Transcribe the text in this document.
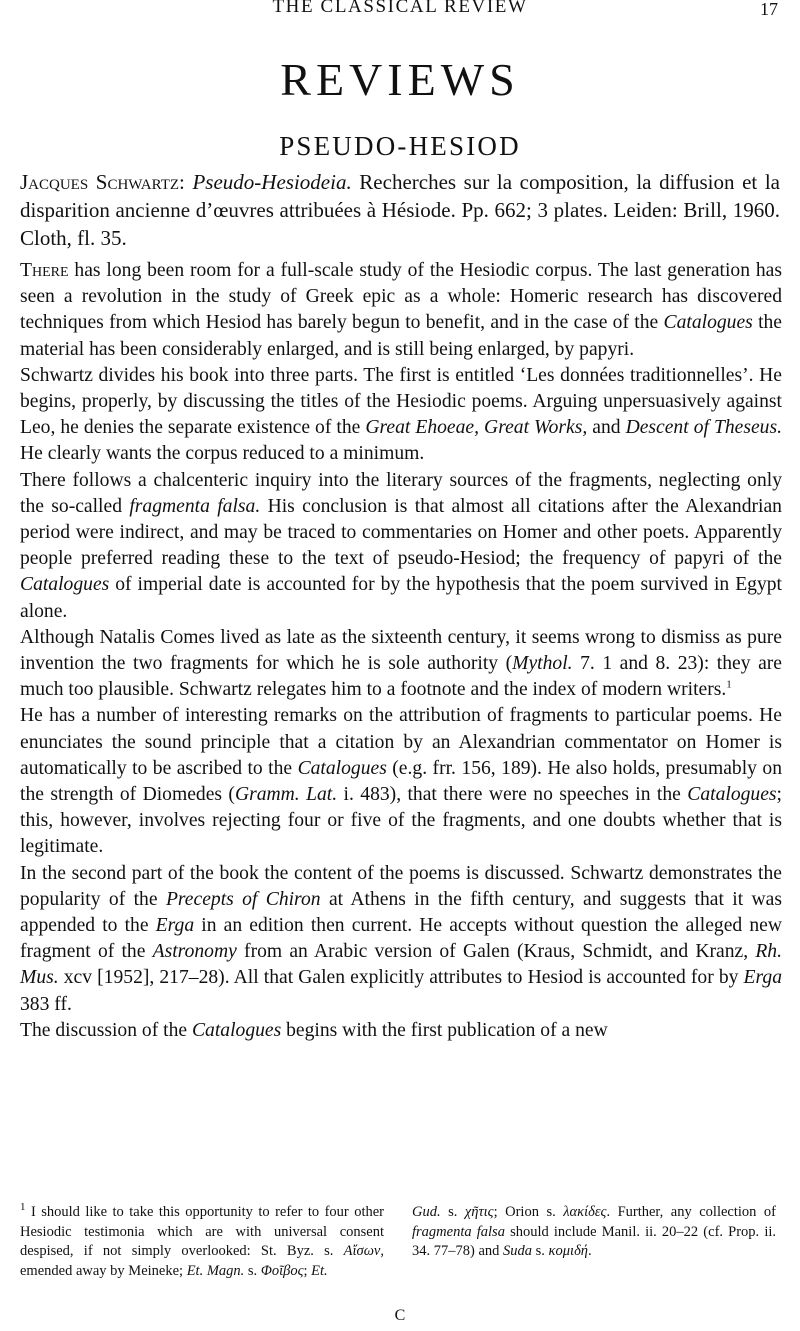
THE CLASSICAL REVIEW	17
REVIEWS
PSEUDO-HESIOD

Jacques Schwartz: Pseudo-Hesiodeia. Recherches sur la composition, la diffusion et la disparition ancienne d’œuvres attribuées à Hésiode. Pp. 662; 3 plates. Leiden: Brill, 1960. Cloth, fl. 35.

There has long been room for a full-scale study of the Hesiodic corpus. The last generation has seen a revolution in the study of Greek epic as a whole: Homeric research has discovered techniques from which Hesiod has barely begun to benefit, and in the case of the Catalogues the material has been considerably enlarged, and is still being enlarged, by papyri.

Schwartz divides his book into three parts. The first is entitled ‘Les données traditionnelles’. He begins, properly, by discussing the titles of the Hesiodic poems. Arguing unpersuasively against Leo, he denies the separate existence of the Great Ehoeae, Great Works, and Descent of Theseus. He clearly wants the corpus reduced to a minimum.

There follows a chalcenteric inquiry into the literary sources of the fragments, neglecting only the so-called fragmenta falsa. His conclusion is that almost all citations after the Alexandrian period were indirect, and may be traced to commentaries on Homer and other poets. Apparently people preferred reading these to the text of pseudo-Hesiod; the frequency of papyri of the Catalogues of imperial date is accounted for by the hypothesis that the poem survived in Egypt alone.

Although Natalis Comes lived as late as the sixteenth century, it seems wrong to dismiss as pure invention the two fragments for which he is sole authority (Mythol. 7. 1 and 8. 23): they are much too plausible. Schwartz relegates him to a footnote and the index of modern writers.$^1$

He has a number of interesting remarks on the attribution of fragments to particular poems. He enunciates the sound principle that a citation by an Alexandrian commentator on Homer is automatically to be ascribed to the Catalogues (e.g. frr. 156, 189). He also holds, presumably on the strength of Diomedes (Gramm. Lat. i. 483), that there were no speeches in the Catalogues; this, however, involves rejecting four or five of the fragments, and one doubts whether that is legitimate.

In the second part of the book the content of the poems is discussed. Schwartz demonstrates the popularity of the Precepts of Chiron at Athens in the fifth century, and suggests that it was appended to the Erga in an edition then current. He accepts without question the alleged new fragment of the Astronomy from an Arabic version of Galen (Kraus, Schmidt, and Kranz, Rh. Mus. xcv [1952], 217–28). All that Galen explicitly attributes to Hesiod is accounted for by Erga 383 ff.

The discussion of the Catalogues begins with the first publication of a new

$^1$ I should like to take this opportunity to refer to four other Hesiodic testimonia which are with universal consent despised, if not simply overlooked: St. Byz. s. Αἴσων, emended away by Meineke; Et. Magn. s. Φοῖβος; Et.
Gud. s. χῆτις; Orion s. λακίδες. Further, any collection of fragmenta falsa should include Manil. ii. 20–22 (cf. Prop. ii. 34. 77–78) and Suda s. κομιδή.
C
